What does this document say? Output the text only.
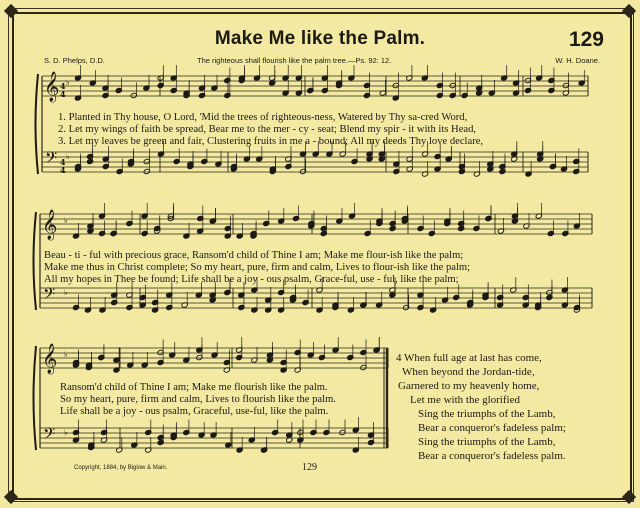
Make Me like the Palm.	129
S. D. Phelps, D.D.	The righteous shall flourish like the palm tree.—Ps. 92: 12.	W. H. Doane.
𝄞
𝄢
♭
♭
𝄞
𝄢
♭
♭
𝄞
𝄢
♭
♭
4
4
4
4
1. Planted in Thy house, O Lord, 'Mid the trees of righteous-ness, Watered by Thy sa-cred Word,
2. Let my wings of faith be spread, Bear me to the mer - cy - seat; Blend my spir - it with its Head,
3. Let my leaves be green and fair, Clustering fruits in me a - bound; All my deeds Thy love declare,
Beau - ti - ful with precious grace, Ransom'd child of Thine I am; Make me flour-ish like the palm;
Make me thus in Christ complete; So my heart, pure, firm and calm, Lives to flour-ish like the palm;
All my hopes in Thee be found; Life shall be a joy - ous psalm, Grace-ful, use - ful, like the palm;
Ransom'd child of Thine I am; Make me flourish like the palm.
So my heart, pure, firm and calm, Lives to flourish like the palm.
Life shall be a joy - ous psalm, Graceful, use-ful, like the palm.
4 When full age at last has come,
When beyond the Jordan-tide,
Garnered to my heavenly home,
Let me with the glorified
Sing the triumphs of the Lamb,
Bear a conqueror's fadeless palm;
Sing the triumphs of the Lamb,
Bear a conqueror's fadeless palm.
Copyright, 1884, by Biglow & Main.	129
